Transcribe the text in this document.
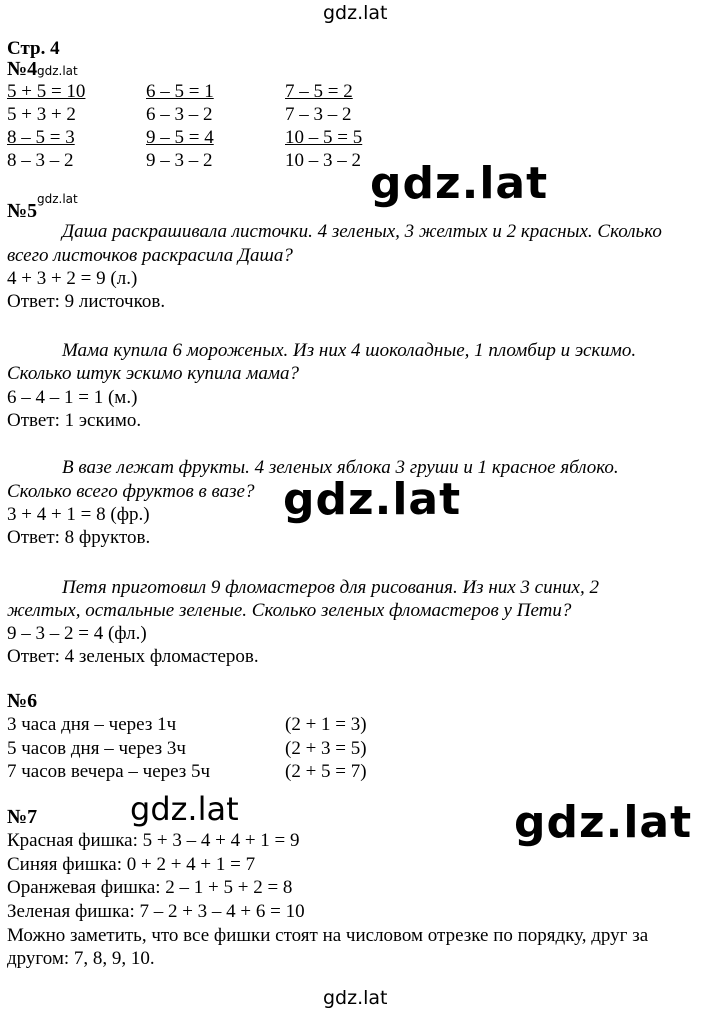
gdz.lat
gdz.lat
gdz.lat
gdz.lat	gdz.lat
gdz.lat
gdz.lat	gdz.lat
Стр. 4
№4
5 + 5 = 10	6 – 5 = 1	7 – 5 = 2
5 + 3 + 2	6 – 3 – 2	7 – 3 – 2
8 – 5 = 3	9 – 5 = 4	10 – 5 = 5
8 – 3 – 2	9 – 3 – 2	10 – 3 – 2
№5
Даша раскрашивала листочки. 4 зеленых, 3 желтых и 2 красных. Сколько
всего листочков раскрасила Даша?
4 + 3 + 2 = 9 (л.)
Ответ: 9 листочков.
Мама купила 6 мороженых. Из них 4 шоколадные, 1 пломбир и эскимо.
Сколько штук эскимо купила мама?
6 – 4 – 1 = 1 (м.)
Ответ: 1 эскимо.
В вазе лежат фрукты. 4 зеленых яблока 3 груши и 1 красное яблоко.
Сколько всего фруктов в вазе?
3 + 4 + 1 = 8 (фр.)
Ответ: 8 фруктов.
Петя приготовил 9 фломастеров для рисования. Из них 3 синих, 2
желтых, остальные зеленые. Сколько зеленых фломастеров у Пети?
9 – 3 – 2 = 4 (фл.)
Ответ: 4 зеленых фломастеров.
№6
3 часа дня – через 1ч	(2 + 1 = 3)
5 часов дня – через 3ч	(2 + 3 = 5)
7 часов вечера – через 5ч	(2 + 5 = 7)
№7
Красная фишка: 5 + 3 – 4 + 4 + 1 = 9
Синяя фишка: 0 + 2 + 4 + 1 = 7
Оранжевая фишка: 2 – 1 + 5 + 2 = 8
Зеленая фишка: 7 – 2 + 3 – 4 + 6 = 10
Можно заметить, что все фишки стоят на числовом отрезке по порядку, друг за
другом: 7, 8, 9, 10.
